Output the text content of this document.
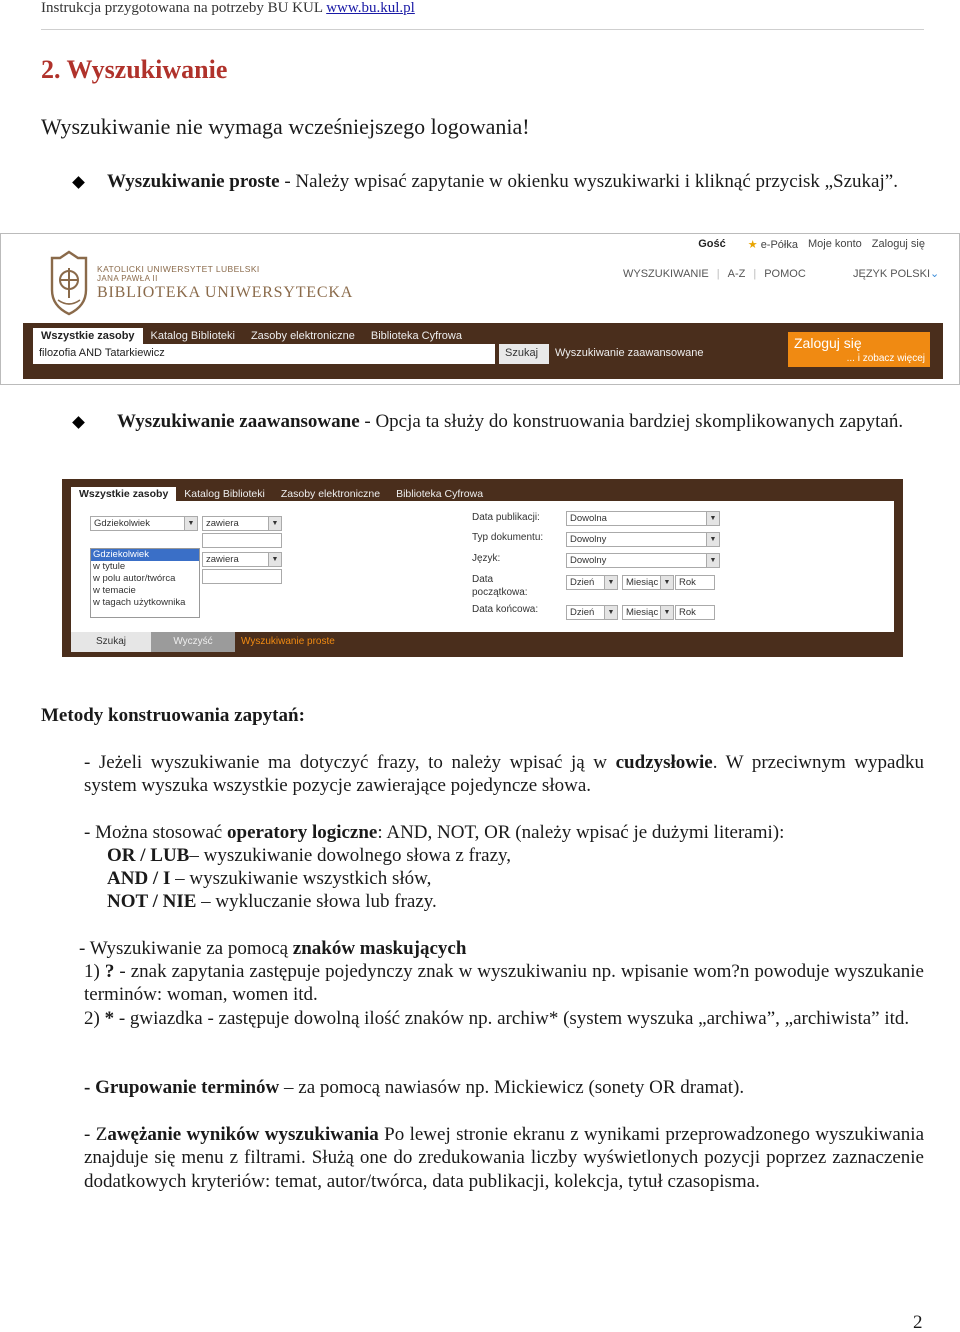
Instrukcja przygotowana na potrzeby BU KUL www.bu.kul.pl
2. Wyszukiwanie
Wyszukiwanie nie wymaga wcześniejszego logowania!
Wyszukiwanie proste - Należy wpisać zapytanie w okienku wyszukiwarki i kliknąć przycisk „Szukaj”.
Gość ★ e-Półka Moje konto Zaloguj się
WYSZUKIWANIE | A-Z | POMOC	JĘZYK POLSKI⌄
KATOLICKI UNIWERSYTET LUBELSKI
JANA PAWŁA II
BIBLIOTEKA UNIWERSYTECKA
Wszystkie zasoby	Katalog Biblioteki	Zasoby elektroniczne	Biblioteka Cyfrowa
filozofia AND Tatarkiewicz	Szukaj	Wyszukiwanie zaawansowane
Zaloguj się
... i zobacz więcej
Wyszukiwanie zaawansowane - Opcja ta służy do konstruowania bardziej skomplikowanych zapytań.
Wszystkie zasoby	Katalog Biblioteki	Zasoby elektroniczne	Biblioteka Cyfrowa
Gdziekolwiek	▼	zawiera	▼
zawiera	▼
Gdziekolwiek
w tytule
w polu autor/twórca
w temacie
w tagach użytkownika
Data publikacji:	Dowolna	▼
Typ dokumentu:	Dowolny	▼
Język:	Dowolny	▼
Data
początkowa:
Dzień	▼	Miesiąc ▼ Rok
Data końcowa:	Dzień	▼	Miesiąc ▼ Rok
Szukaj	Wyczyść	Wyszukiwanie proste
Metody konstruowania zapytań:
- Jeżeli wyszukiwanie ma dotyczyć frazy, to należy wpisać ją w cudzysłowie. W przeciwnym wypadku system wyszuka wszystkie pozycje zawierające pojedyncze słowa.
- Można stosować operatory logiczne: AND, NOT, OR (należy wpisać je dużymi literami):
OR / LUB– wyszukiwanie dowolnego słowa z frazy,
AND / I – wyszukiwanie wszystkich słów,
NOT / NIE – wykluczanie słowa lub frazy.
- Wyszukiwanie za pomocą znaków maskujących
1) ? - znak zapytania zastępuje pojedynczy znak w wyszukiwaniu np. wpisanie wom?n powoduje wyszukanie terminów: woman, women itd.
2) * - gwiazdka - zastępuje dowolną ilość znaków np. archiw* (system wyszuka „archiwa”, „archiwista” itd.
- Grupowanie terminów – za pomocą nawiasów np. Mickiewicz (sonety OR dramat).
- Zawężanie wyników wyszukiwania Po lewej stronie ekranu z wynikami przeprowadzonego wyszukiwania znajduje się menu z filtrami. Służą one do zredukowania liczby wyświetlonych pozycji poprzez zaznaczenie dodatkowych kryteriów: temat, autor/twórca, data publikacji, kolekcja, tytuł czasopisma.
2
